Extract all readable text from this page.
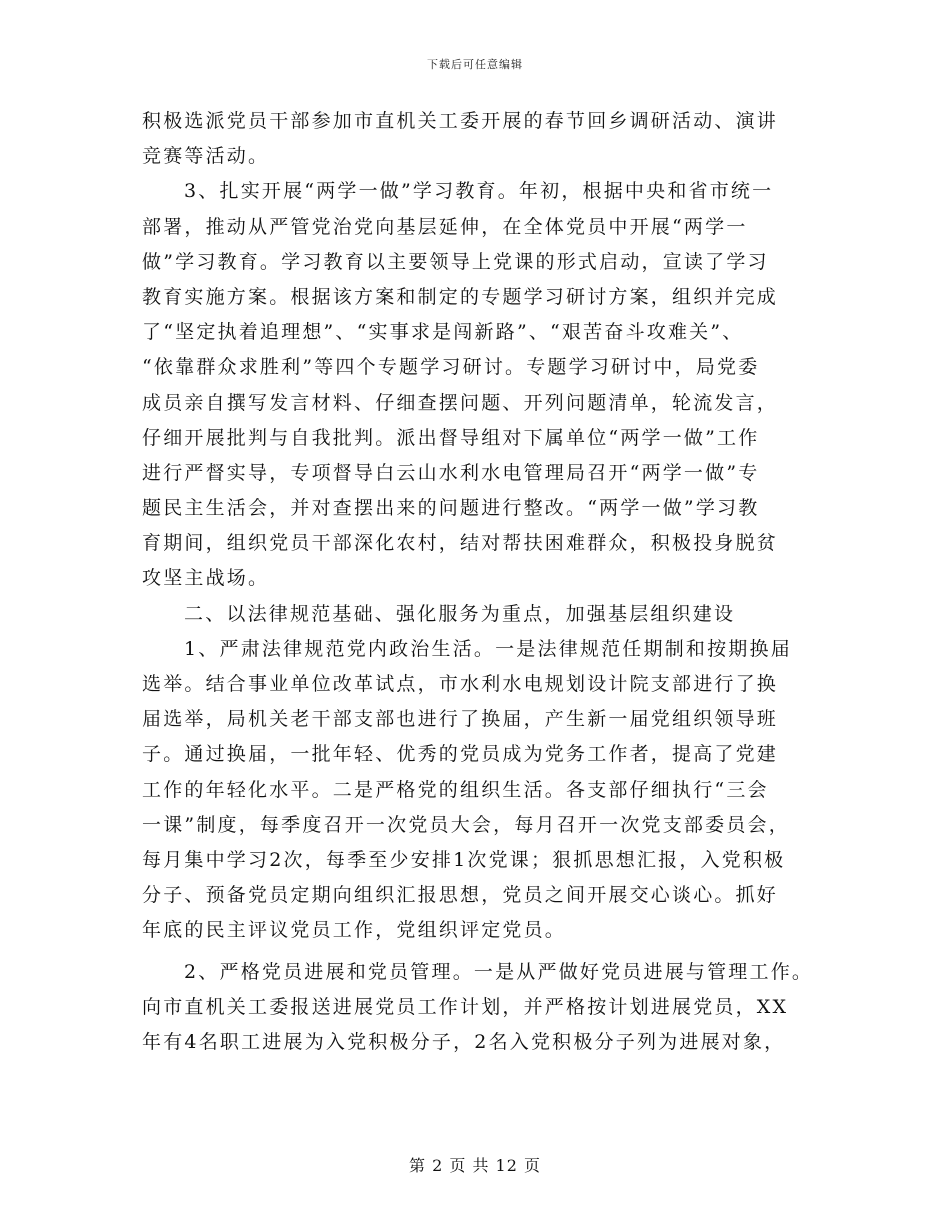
下载后可任意编辑
积极选派党员干部参加市直机关工委开展的春节回乡调研活动、演讲
竞赛等活动。
3、扎实开展“两学一做”学习教育。年初，根据中央和省市统一
部署，推动从严管党治党向基层延伸，在全体党员中开展“两学一
做”学习教育。学习教育以主要领导上党课的形式启动，宣读了学习
教育实施方案。根据该方案和制定的专题学习研讨方案，组织并完成
了“坚定执着追理想”、“实事求是闯新路”、“艰苦奋斗攻难关”、
“依靠群众求胜利”等四个专题学习研讨。专题学习研讨中，局党委
成员亲自撰写发言材料、仔细查摆问题、开列问题清单，轮流发言，
仔细开展批判与自我批判。派出督导组对下属单位“两学一做”工作
进行严督实导，专项督导白云山水利水电管理局召开“两学一做”专
题民主生活会，并对查摆出来的问题进行整改。“两学一做”学习教
育期间，组织党员干部深化农村，结对帮扶困难群众，积极投身脱贫
攻坚主战场。
二、以法律规范基础、强化服务为重点，加强基层组织建设
1、严肃法律规范党内政治生活。一是法律规范任期制和按期换届
选举。结合事业单位改革试点，市水利水电规划设计院支部进行了换
届选举，局机关老干部支部也进行了换届，产生新一届党组织领导班
子。通过换届，一批年轻、优秀的党员成为党务工作者，提高了党建
工作的年轻化水平。二是严格党的组织生活。各支部仔细执行“三会
一课”制度，每季度召开一次党员大会，每月召开一次党支部委员会，
每月集中学习2次，每季至少安排1次党课；狠抓思想汇报，入党积极
分子、预备党员定期向组织汇报思想，党员之间开展交心谈心。抓好
年底的民主评议党员工作，党组织评定党员。
2、严格党员进展和党员管理。一是从严做好党员进展与管理工作。
向市直机关工委报送进展党员工作计划，并严格按计划进展党员，XX
年有4名职工进展为入党积极分子，2名入党积极分子列为进展对象，
第 2 页 共 12 页
